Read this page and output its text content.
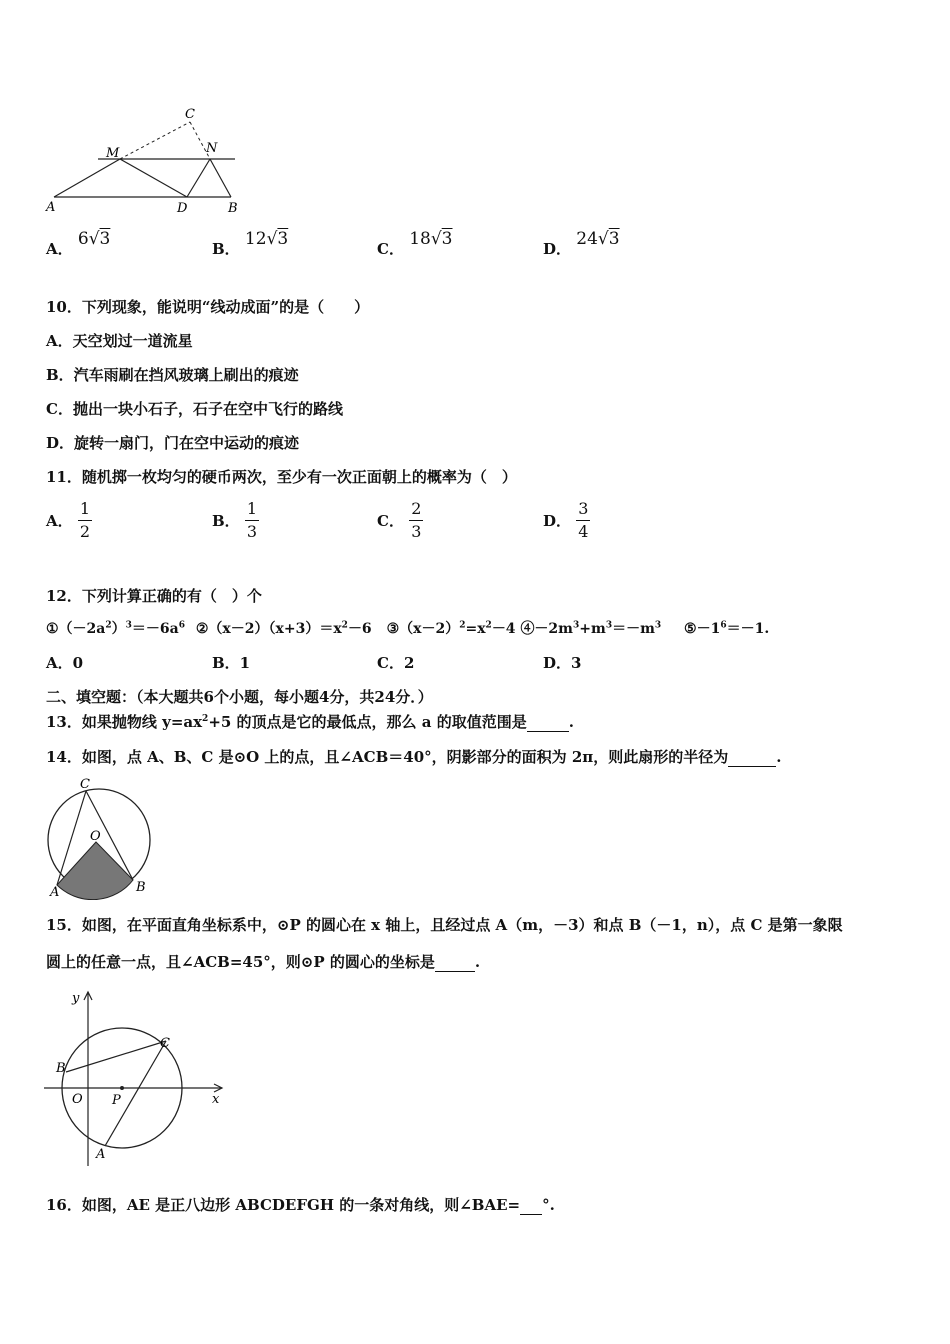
C
M	N
A	D	B
A． 6√3	B． 12√3	C． 18√3	D． 24√3
10．下列现象，能说明“线动成面”的是（　　）
A．天空划过一道流星
B．汽车雨刷在挡风玻璃上刷出的痕迹
C．抛出一块小石子，石子在空中飞行的路线
D．旋转一扇门，门在空中运动的痕迹
11．随机掷一枚均匀的硬币两次，至少有一次正面朝上的概率为（　）
A． $\frac{1}{2}$	B． $\frac{1}{3}$	C． $\frac{2}{3}$	D． $\frac{3}{4}$
12．下列计算正确的有（　）个
$①(-2a^2)^3=-6a^6$ $②(x-2)(x+3)=x^2-6$ $③(x-2)^2=x^2-4$ $④-2m^3+m^3=-m^3$ $⑤-1^6=-1$.
A．0	B．1	C．2	D．3
二、填空题：（本大题共6个小题，每小题4分，共24分．）
13．如果抛物线 $y=ax^2+5$ 的顶点是它的最低点，那么 a 的取值范围是	.
14．如图，点 A、B、C 是⊙O 上的点，且∠ACB＝40°，阴影部分的面积为 2π，则此扇形的半径为	.
C
O
A	B
15．如图，在平面直角坐标系中，⊙P 的圆心在 x 轴上，且经过点 A（m，－3）和点 B（－1，n），点 C 是第一象限
圆上的任意一点，且∠ACB=45°，则⊙P 的圆心的坐标是	.
y
x
O P
B
C
A
16．如图，AE 是正八边形 ABCDEFGH 的一条对角线，则∠BAE= °.
